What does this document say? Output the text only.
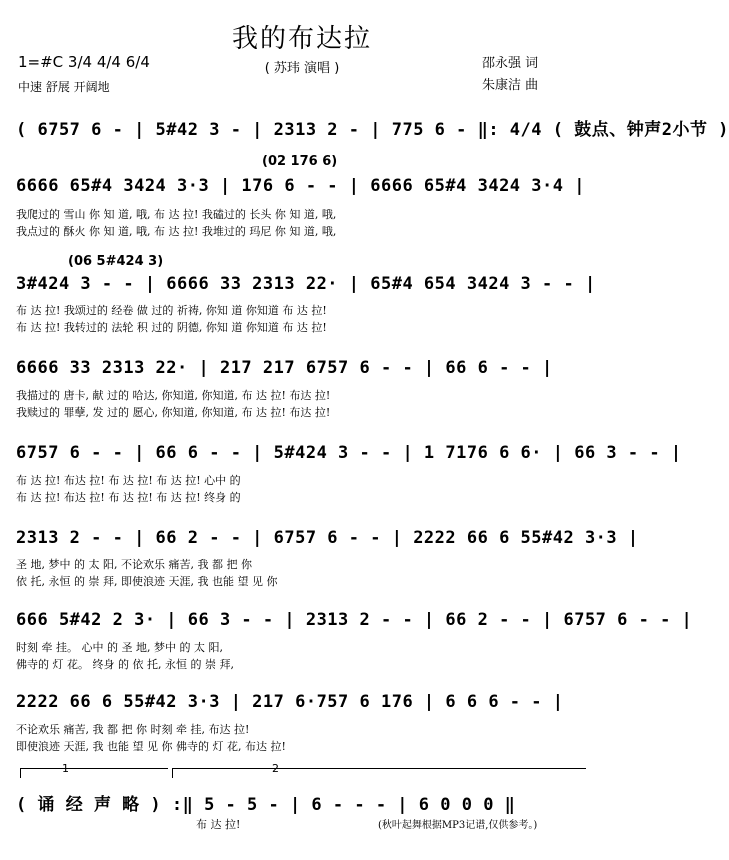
我的布达拉
( 苏玮 演唱 )
1=#C 3/4 4/4 6/4
中速 舒展 开阔地
邵永强 词
朱康洁 曲
( 6757 6 - | 5#42 3 - | 2313 2 - | 775 6 - ‖: 4/4 ( 鼓点、钟声2小节 )
(02 176 6)
6666 65#4 3424 3·3 | 176 6 - - | 6666 65#4 3424 3·4 |
我爬过的 雪山 你 知 道, 哦, 布 达 拉! 我磕过的 长头 你 知 道, 哦,
我点过的 酥火 你 知 道, 哦, 布 达 拉! 我堆过的 玛尼 你 知 道, 哦,
(06 5#424 3)
3#424 3 - - | 6666 33 2313 22· | 65#4 654 3424 3 - - |
布 达 拉! 我颂过的 经卷 做 过的 祈祷, 你知 道 你知道 布 达 拉!
布 达 拉! 我转过的 法轮 积 过的 阴德, 你知 道 你知道 布 达 拉!
6666 33 2313 22· | 217 217 6757 6 - - | 66 6 - - |
我描过的 唐卡, 献 过的 哈达, 你知道, 你知道, 布 达 拉! 布达 拉!
我赎过的 罪孽, 发 过的 愿心, 你知道, 你知道, 布 达 拉! 布达 拉!
6757 6 - - | 66 6 - - | 5#424 3 - - | 1 7176 6 6· | 66 3 - - |
布 达 拉! 布达 拉! 布 达 拉! 布 达 拉! 心中 的
布 达 拉! 布达 拉! 布 达 拉! 布 达 拉! 终身 的
2313 2 - - | 66 2 - - | 6757 6 - - | 2222 66 6 55#42 3·3 |
圣 地, 梦中 的 太 阳, 不论欢乐 痛苦, 我 都 把 你
依 托, 永恒 的 崇 拜, 即使浪迹 天涯, 我 也能 望 见 你
666 5#42 2 3· | 66 3 - - | 2313 2 - - | 66 2 - - | 6757 6 - - |
时刻 牵 挂。 心中 的 圣 地, 梦中 的 太 阳,
佛寺的 灯 花。 终身 的 依 托, 永恒 的 崇 拜,
2222 66 6 55#42 3·3 | 217 6·757 6 176 | 6 6 6 - - |
不论欢乐 痛苦, 我 都 把 你 时刻 牵 挂, 布达 拉!
即使浪迹 天涯, 我 也能 望 见 你 佛寺的 灯 花, 布达 拉!
1	2
( 诵 经 声 略 ) :‖ 5 - 5 - | 6 - - - | 6 0 0 0 ‖
布 达 拉!	(秋叶起舞根据MP3记谱,仅供参考。)
